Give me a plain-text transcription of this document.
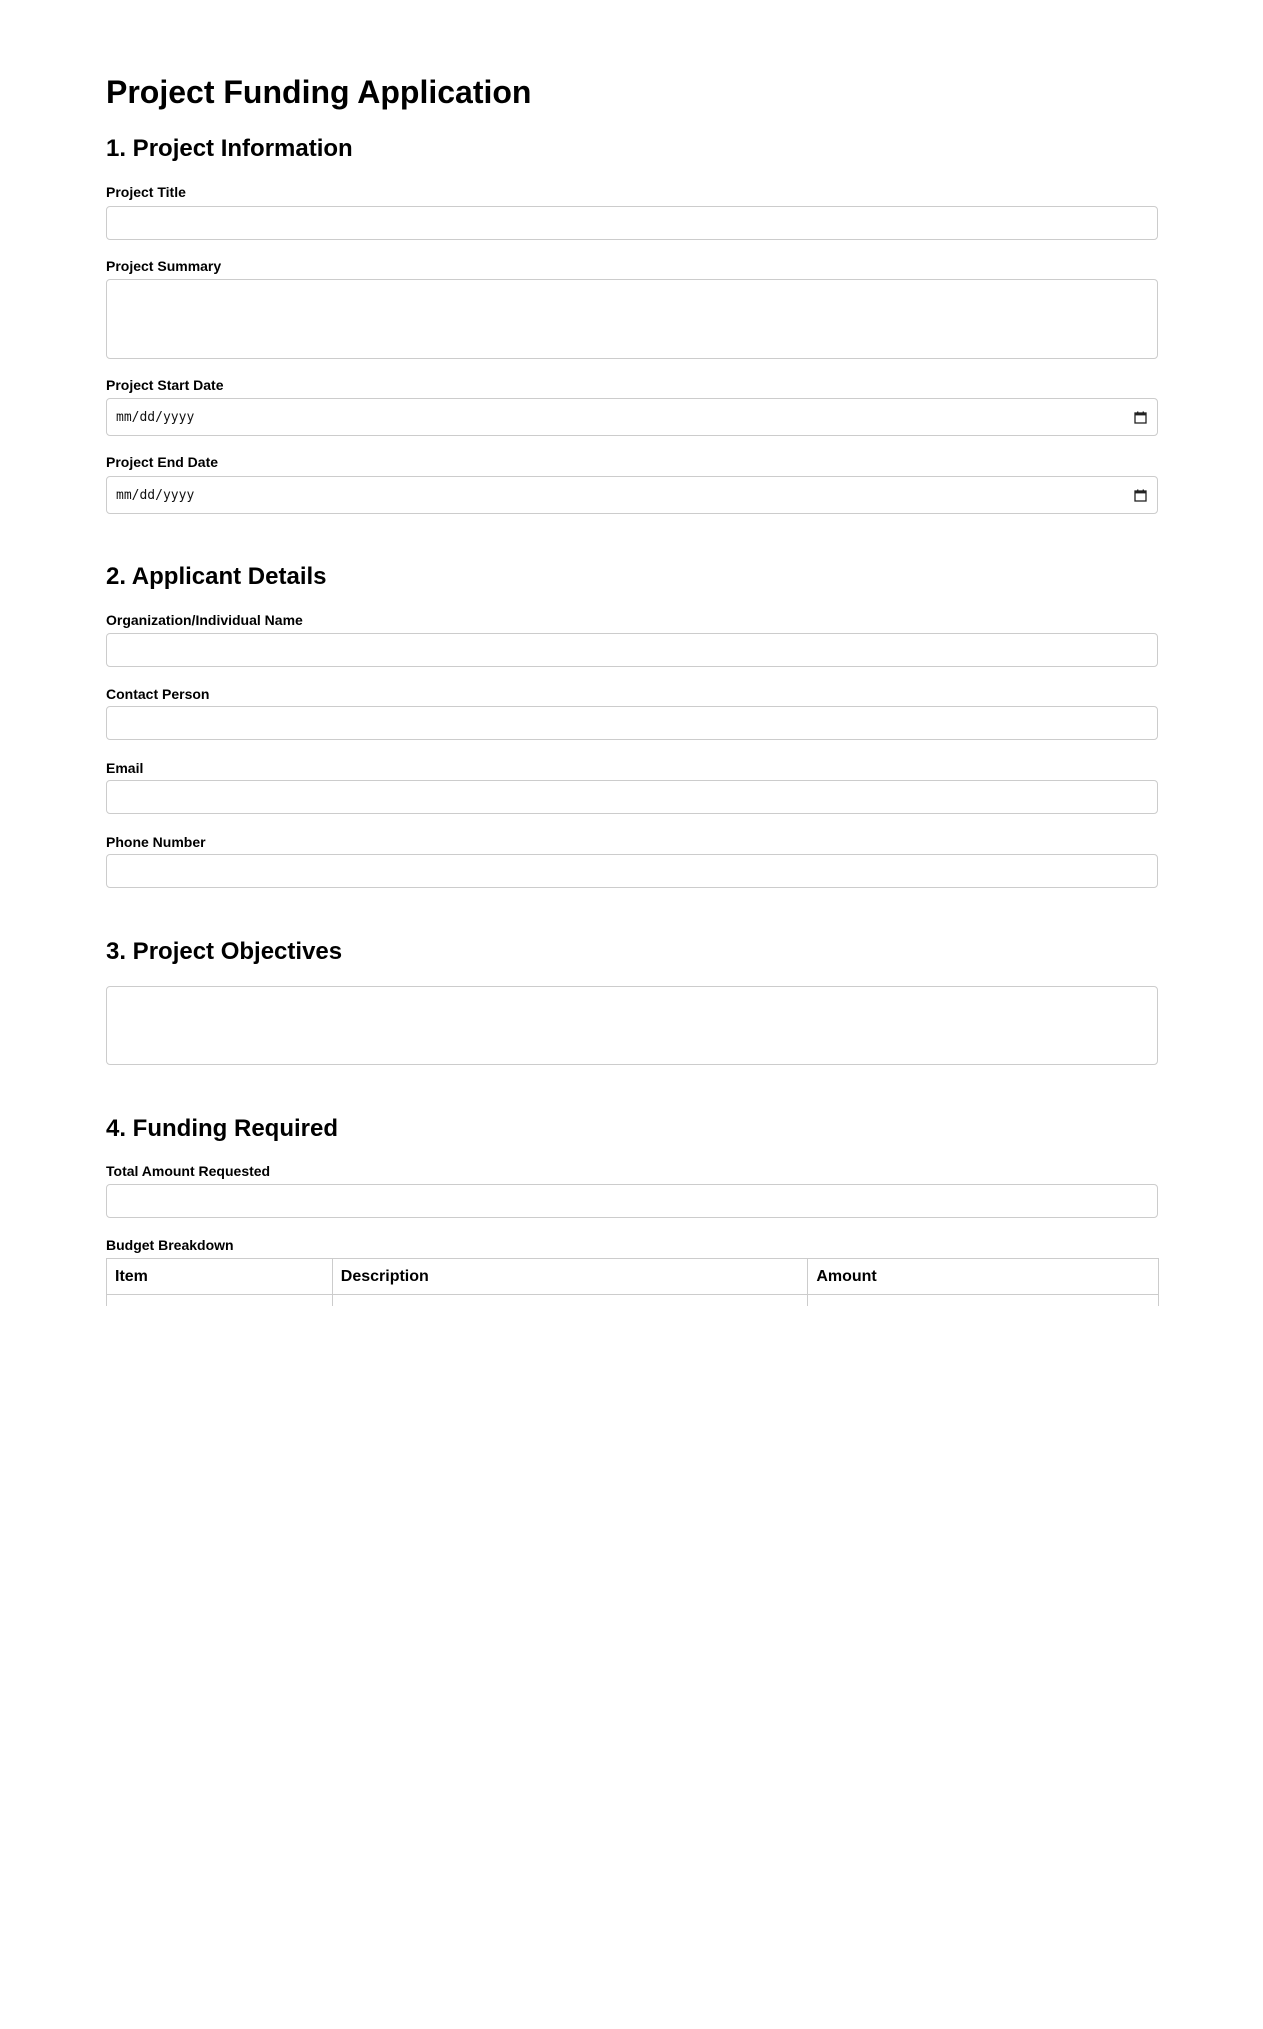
Project Funding Application
1. Project Information
Project Title
Project Summary
Project Start Date
mm/dd/yyyy
Project End Date
mm/dd/yyyy
2. Applicant Details
Organization/Individual Name
Contact Person
Email
Phone Number
3. Project Objectives
4. Funding Required
Total Amount Requested
Budget Breakdown
Item	Description	Amount
